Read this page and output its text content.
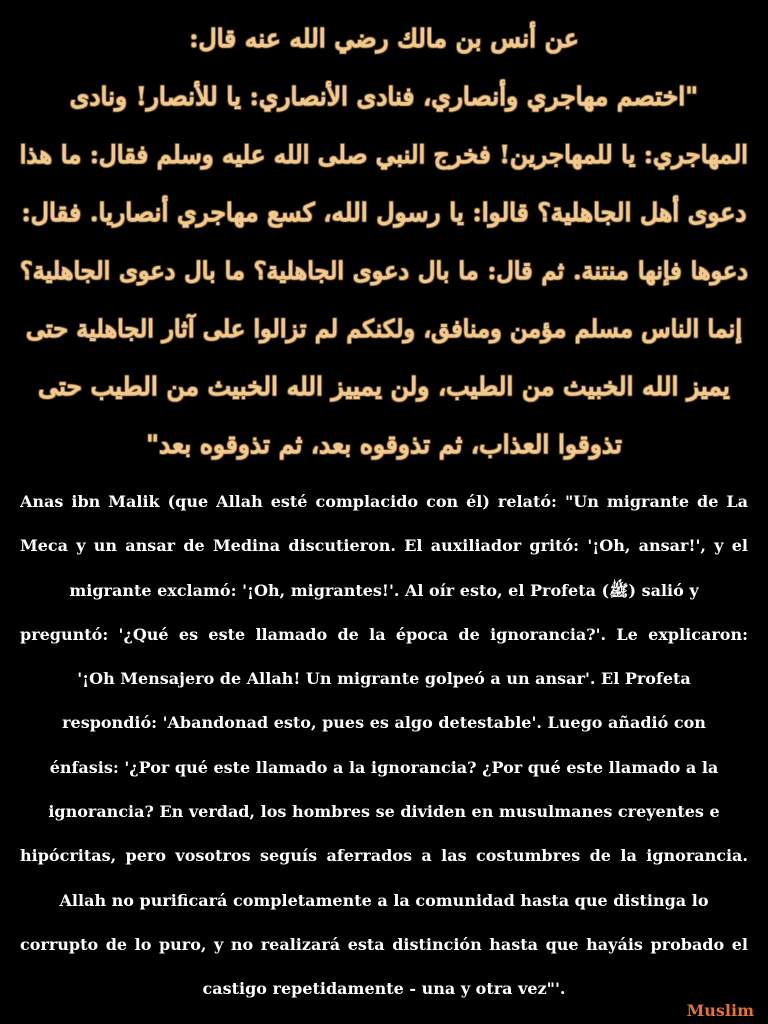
عن أنس بن مالك رضي الله عنه قال:
"اختصم مهاجري وأنصاري، فنادى الأنصاري: يا للأنصار! ونادى
المهاجري: يا للمهاجرين! فخرج النبي صلى الله عليه وسلم فقال: ما هذا
دعوى أهل الجاهلية؟ قالوا: يا رسول الله، كسع مهاجري أنصاريا. فقال:
دعوها فإنها منتنة. ثم قال: ما بال دعوى الجاهلية؟ ما بال دعوى الجاهلية؟
إنما الناس مسلم مؤمن ومنافق، ولكنكم لم تزالوا على آثار الجاهلية حتى
يميز الله الخبيث من الطيب، ولن يمييز الله الخبيث من الطيب حتى
تذوقوا العذاب، ثم تذوقوه بعد، ثم تذوقوه بعد"
Anas ibn Malik (que Allah esté complacido con él) relató: "Un migrante de La
Meca y un ansar de Medina discutieron. El auxiliador gritó: '¡Oh, ansar!', y el
migrante exclamó: '¡Oh, migrantes!'. Al oír esto, el Profeta (ﷺ) salió y
preguntó: '¿Qué es este llamado de la época de ignorancia?'. Le explicaron:
'¡Oh Mensajero de Allah! Un migrante golpeó a un ansar'. El Profeta
respondió: 'Abandonad esto, pues es algo detestable'. Luego añadió con
énfasis: '¿Por qué este llamado a la ignorancia? ¿Por qué este llamado a la
ignorancia? En verdad, los hombres se dividen en musulmanes creyentes e
hipócritas, pero vosotros seguís aferrados a las costumbres de la ignorancia.
Allah no purificará completamente a la comunidad hasta que distinga lo
corrupto de lo puro, y no realizará esta distinción hasta que hayáis probado el
castigo repetidamente - una y otra vez"'.
Muslim
